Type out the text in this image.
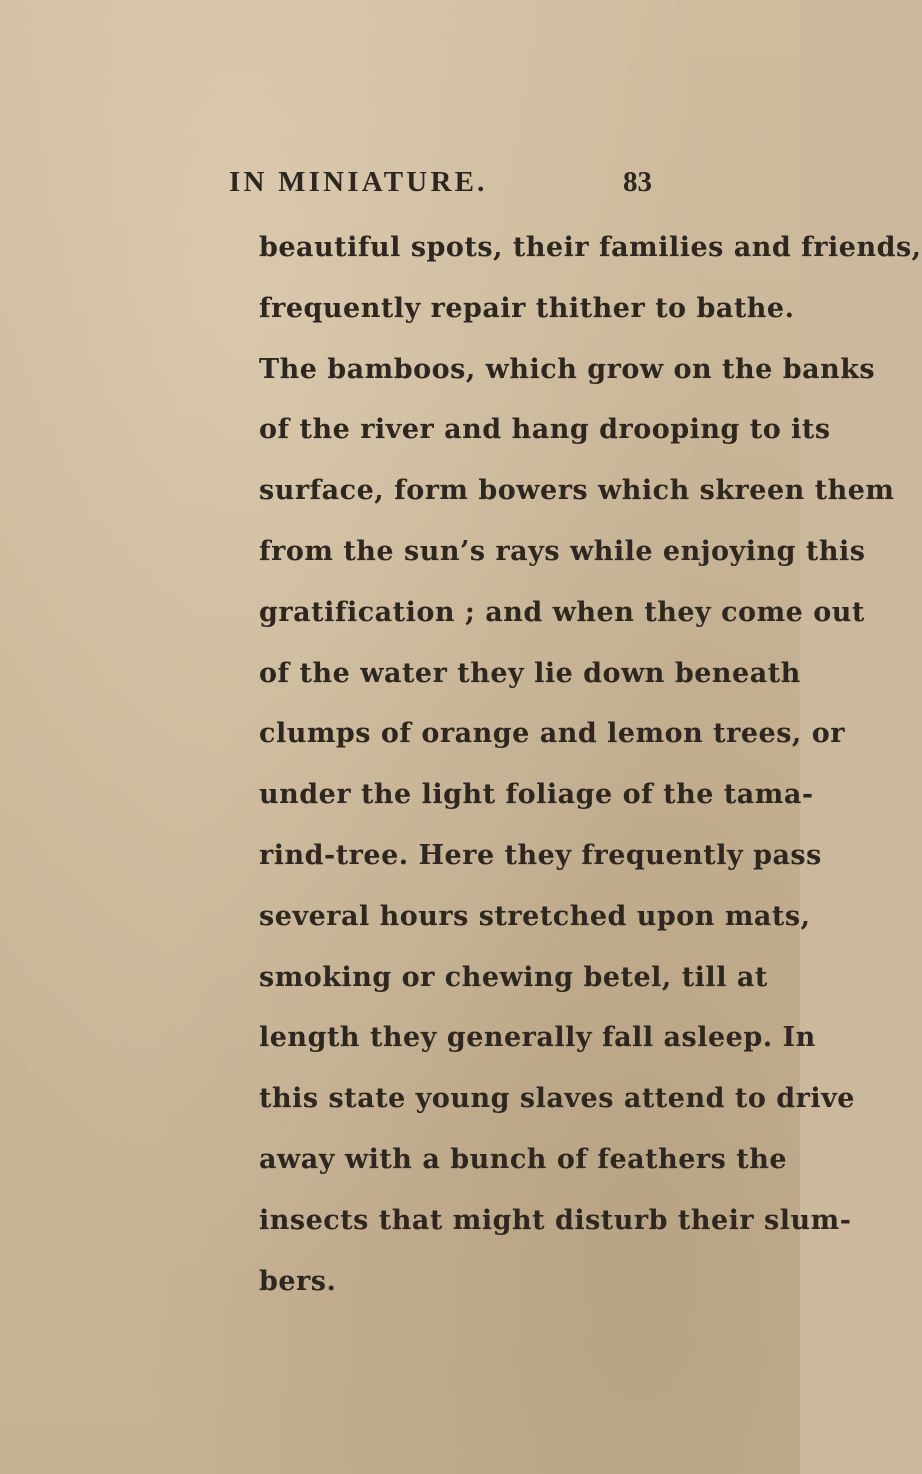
IN MINIATURE.	83
beautiful spots, their families and friends,
frequently repair thither to bathe.
The bamboos, which grow on the banks
of the river and hang drooping to its
surface, form bowers which skreen them
from the sun’s rays while enjoying this
gratification ; and when they come out
of the water they lie down beneath
clumps of orange and lemon trees, or
under the light foliage of the tama-
rind-tree. Here they frequently pass
several hours stretched upon mats,
smoking or chewing betel, till at
length they generally fall asleep. In
this state young slaves attend to drive
away with a bunch of feathers the
insects that might disturb their slum-
bers.
